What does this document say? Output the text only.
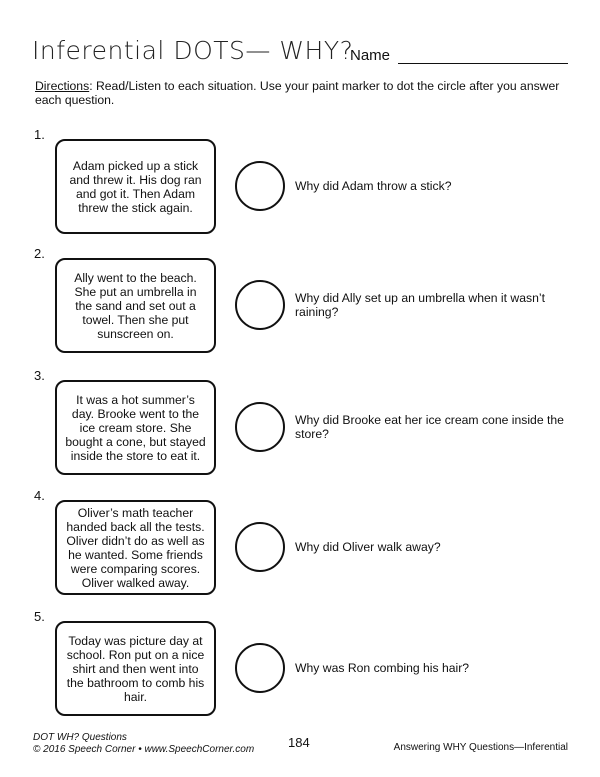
Inferential DOTS— WHY?
Name
Directions: Read/Listen to each situation. Use your paint marker to dot the circle after you answer each question.
1.
Adam picked up a stick and threw it. His dog ran and got it. Then Adam threw the stick again.
Why did Adam throw a stick?
2.
Ally went to the beach. She put an umbrella in the sand and set out a towel. Then she put sunscreen on.
Why did Ally set up an umbrella when it wasn’t raining?
3.
It was a hot summer’s day. Brooke went to the ice cream store. She bought a cone, but stayed inside the store to eat it.
Why did Brooke eat her ice cream cone inside the store?
4.
Oliver’s math teacher handed back all the tests. Oliver didn’t do as well as he wanted. Some friends were comparing scores. Oliver walked away.
Why did Oliver walk away?
5.
Today was picture day at school. Ron put on a nice shirt and then went into the bathroom to comb his hair.
Why was Ron combing his hair?
DOT WH? Questions
© 2016 Speech Corner • www.SpeechCorner.com	184	Answering WHY Questions—Inferential
